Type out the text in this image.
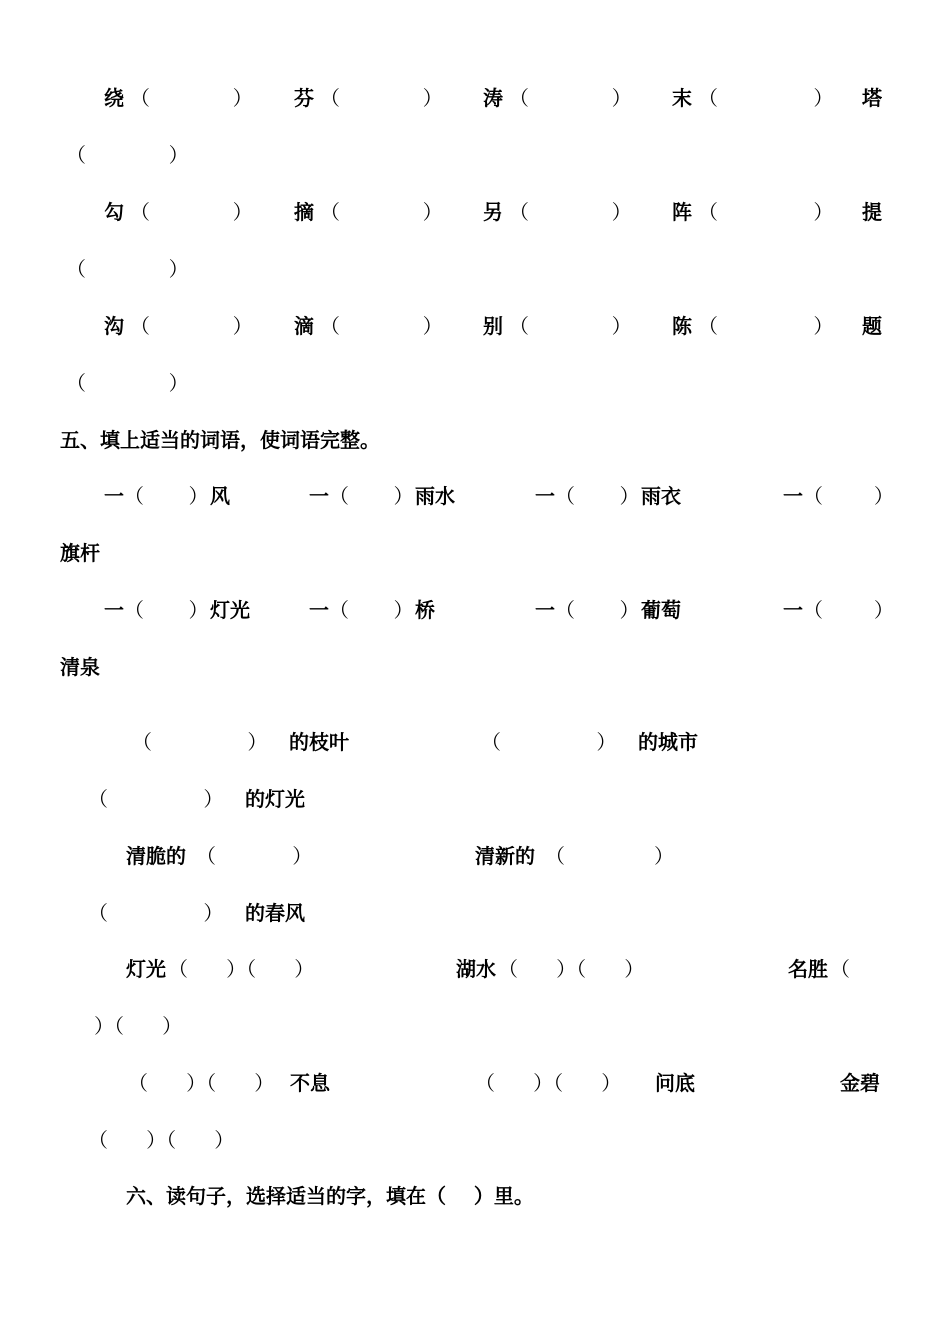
绕 （             ） 芬 （             ） 涛 （             ） 末 （               ） 塔
（             ）
勾 （             ） 摘 （             ） 另 （             ） 阵 （               ） 提
（             ）
沟 （             ） 滴 （             ） 别 （             ） 陈 （               ） 题
（             ）
五、填上适当的词语，使词语完整。
一 （       ） 风	一 （       ） 雨水	一 （       ） 雨衣	一 （        ）
旗杆
一 （       ） 灯光	一 （       ） 桥	一 （       ） 葡萄	一 （        ）
清泉
（               ） 的枝叶	（               ） 的城市
（               ） 的灯光
清脆的 （            ）	清新的 （              ）
（               ） 的春风
灯光 （      ）（      ）	湖水 （      ）（      ）	名胜 （
）（      ）
（      ）（      ） 不息	（      ）（      ） 问底	金碧
（      ）（      ）
六、读句子，选择适当的字，填在（ ）里。
